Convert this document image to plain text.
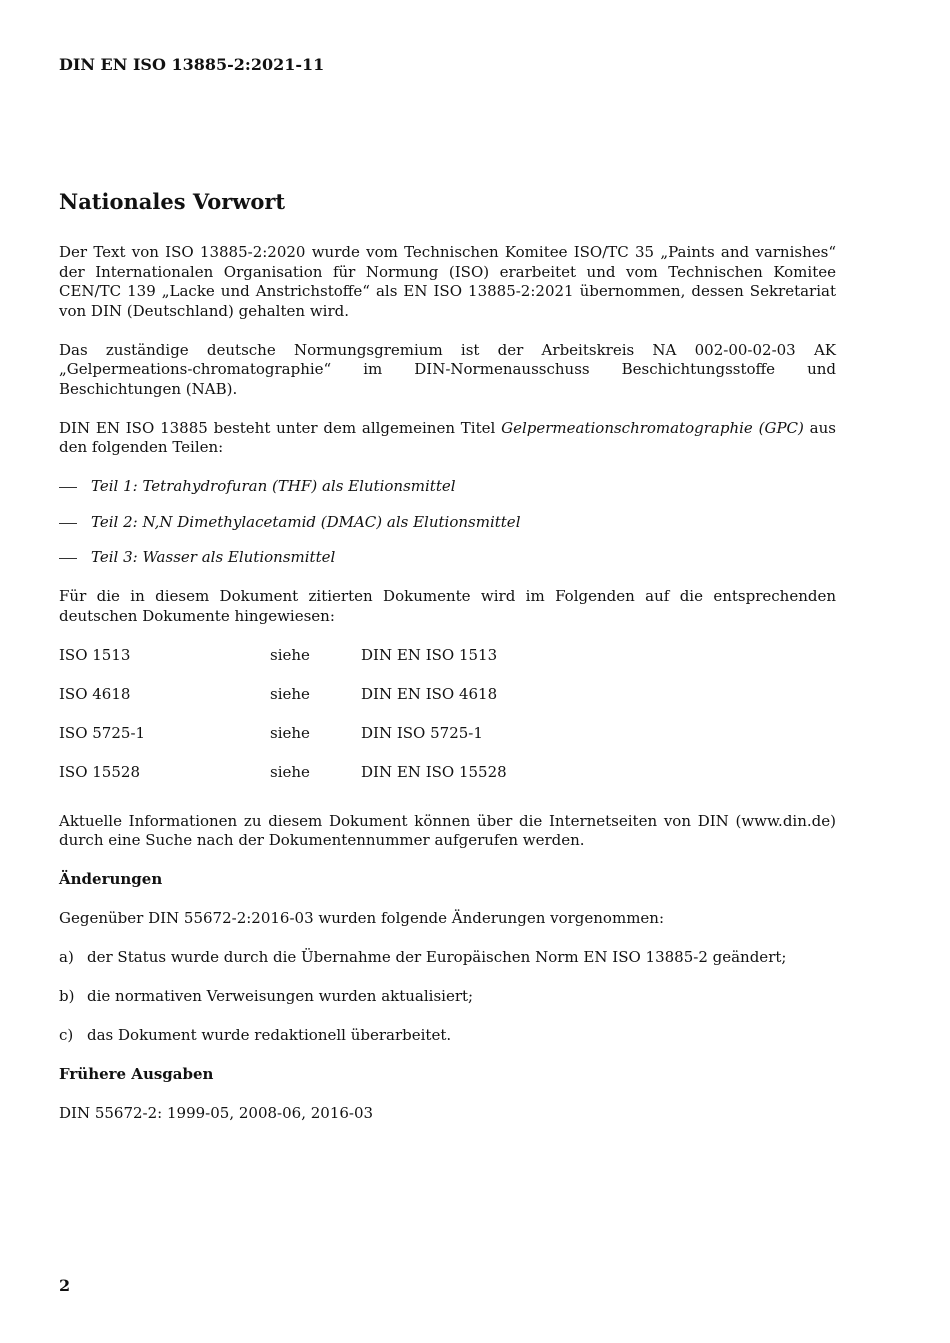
DIN EN ISO 13885-2:2021-11
Nationales Vorwort

Der Text von ISO 13885-2:2020 wurde vom Technischen Komitee ISO/TC 35 „Paints and varnishes“ der Internationalen Organisation für Normung (ISO) erarbeitet und vom Technischen Komitee CEN/TC 139 „Lacke und Anstrichstoffe“ als EN ISO 13885-2:2021 übernommen, dessen Sekretariat von DIN (Deutschland) gehalten wird.

Das zuständige deutsche Normungsgremium ist der Arbeitskreis NA 002-00-02-03 AK „Gelpermeations-chromatographie“ im DIN-Normenausschuss Beschichtungsstoffe und Beschichtungen (NAB).

DIN EN ISO 13885 besteht unter dem allgemeinen Titel Gelpermeationschromatographie (GPC) aus den folgenden Teilen:

Teil 1: Tetrahydrofuran (THF) als Elutionsmittel
Teil 2: N,N Dimethylacetamid (DMAC) als Elutionsmittel
Teil 3: Wasser als Elutionsmittel

Für die in diesem Dokument zitierten Dokumente wird im Folgenden auf die entsprechenden deutschen Dokumente hingewiesen:

ISO 1513	siehe	DIN EN ISO 1513
ISO 4618	siehe	DIN EN ISO 4618
ISO 5725-1	siehe	DIN ISO 5725-1
ISO 15528	siehe	DIN EN ISO 15528

Aktuelle Informationen zu diesem Dokument können über die Internetseiten von DIN (www.din.de) durch eine Suche nach der Dokumentennummer aufgerufen werden.

Änderungen

Gegenüber DIN 55672-2:2016-03 wurden folgende Änderungen vorgenommen:

a) der Status wurde durch die Übernahme der Europäischen Norm EN ISO 13885-2 geändert;
b) die normativen Verweisungen wurden aktualisiert;
c) das Dokument wurde redaktionell überarbeitet.
Frühere Ausgaben

DIN 55672-2: 1999-05, 2008-06, 2016-03

2
